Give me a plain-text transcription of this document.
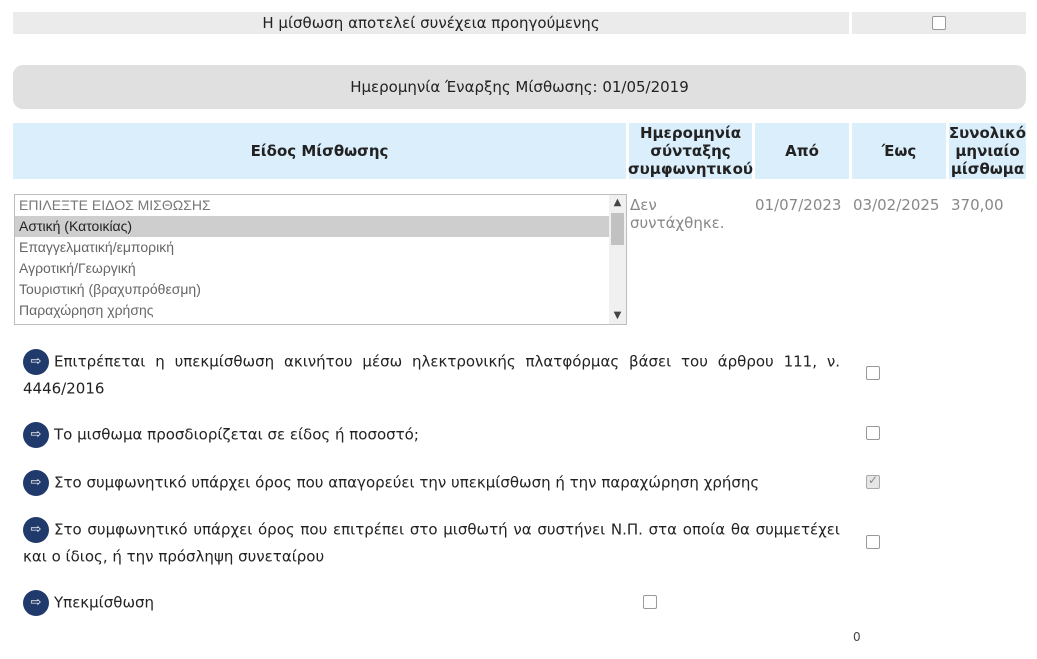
Η μίσθωση αποτελεί συνέχεια προηγούμενης
Ημερομηνία Έναρξης Μίσθωσης: 01/05/2019
Είδος Μίσθωσης
Ημερομηνία σύνταξης συμφωνητικού
Από	Έως
Συνολικό μηνιαίο μίσθωμα
ΕΠΙΛΕΞΤΕ ΕΙΔΟΣ ΜΙΣΘΩΣΗΣ
Αστική (Κατοικίας)
Επαγγελματική/εμπορική
Αγροτική/Γεωργική
Τουριστική (βραχυπρόθεσμη)
Παραχώρηση χρήσης
▲
▼
Δεν συντάχθηκε.
01/07/2023 03/02/2025 370,00
⇨ Επιτρέπεται η υπεκμίσθωση ακινήτου μέσω ηλεκτρονικής πλατφόρμας βάσει του άρθρου 111, ν. 4446/2016
⇨ Το μισθωμα προσδιορίζεται σε είδος ή ποσοστό;
⇨ Στο συμφωνητικό υπάρχει όρος που απαγορεύει την υπεκμίσθωση ή την παραχώρηση χρήσης
✓
⇨ Στο συμφωνητικό υπάρχει όρος που επιτρέπει στο μισθωτή να συστήνει Ν.Π. στα οποία θα συμμετέχει και ο ίδιος, ή την πρόσληψη συνεταίρου
⇨ Υπεκμίσθωση
0
